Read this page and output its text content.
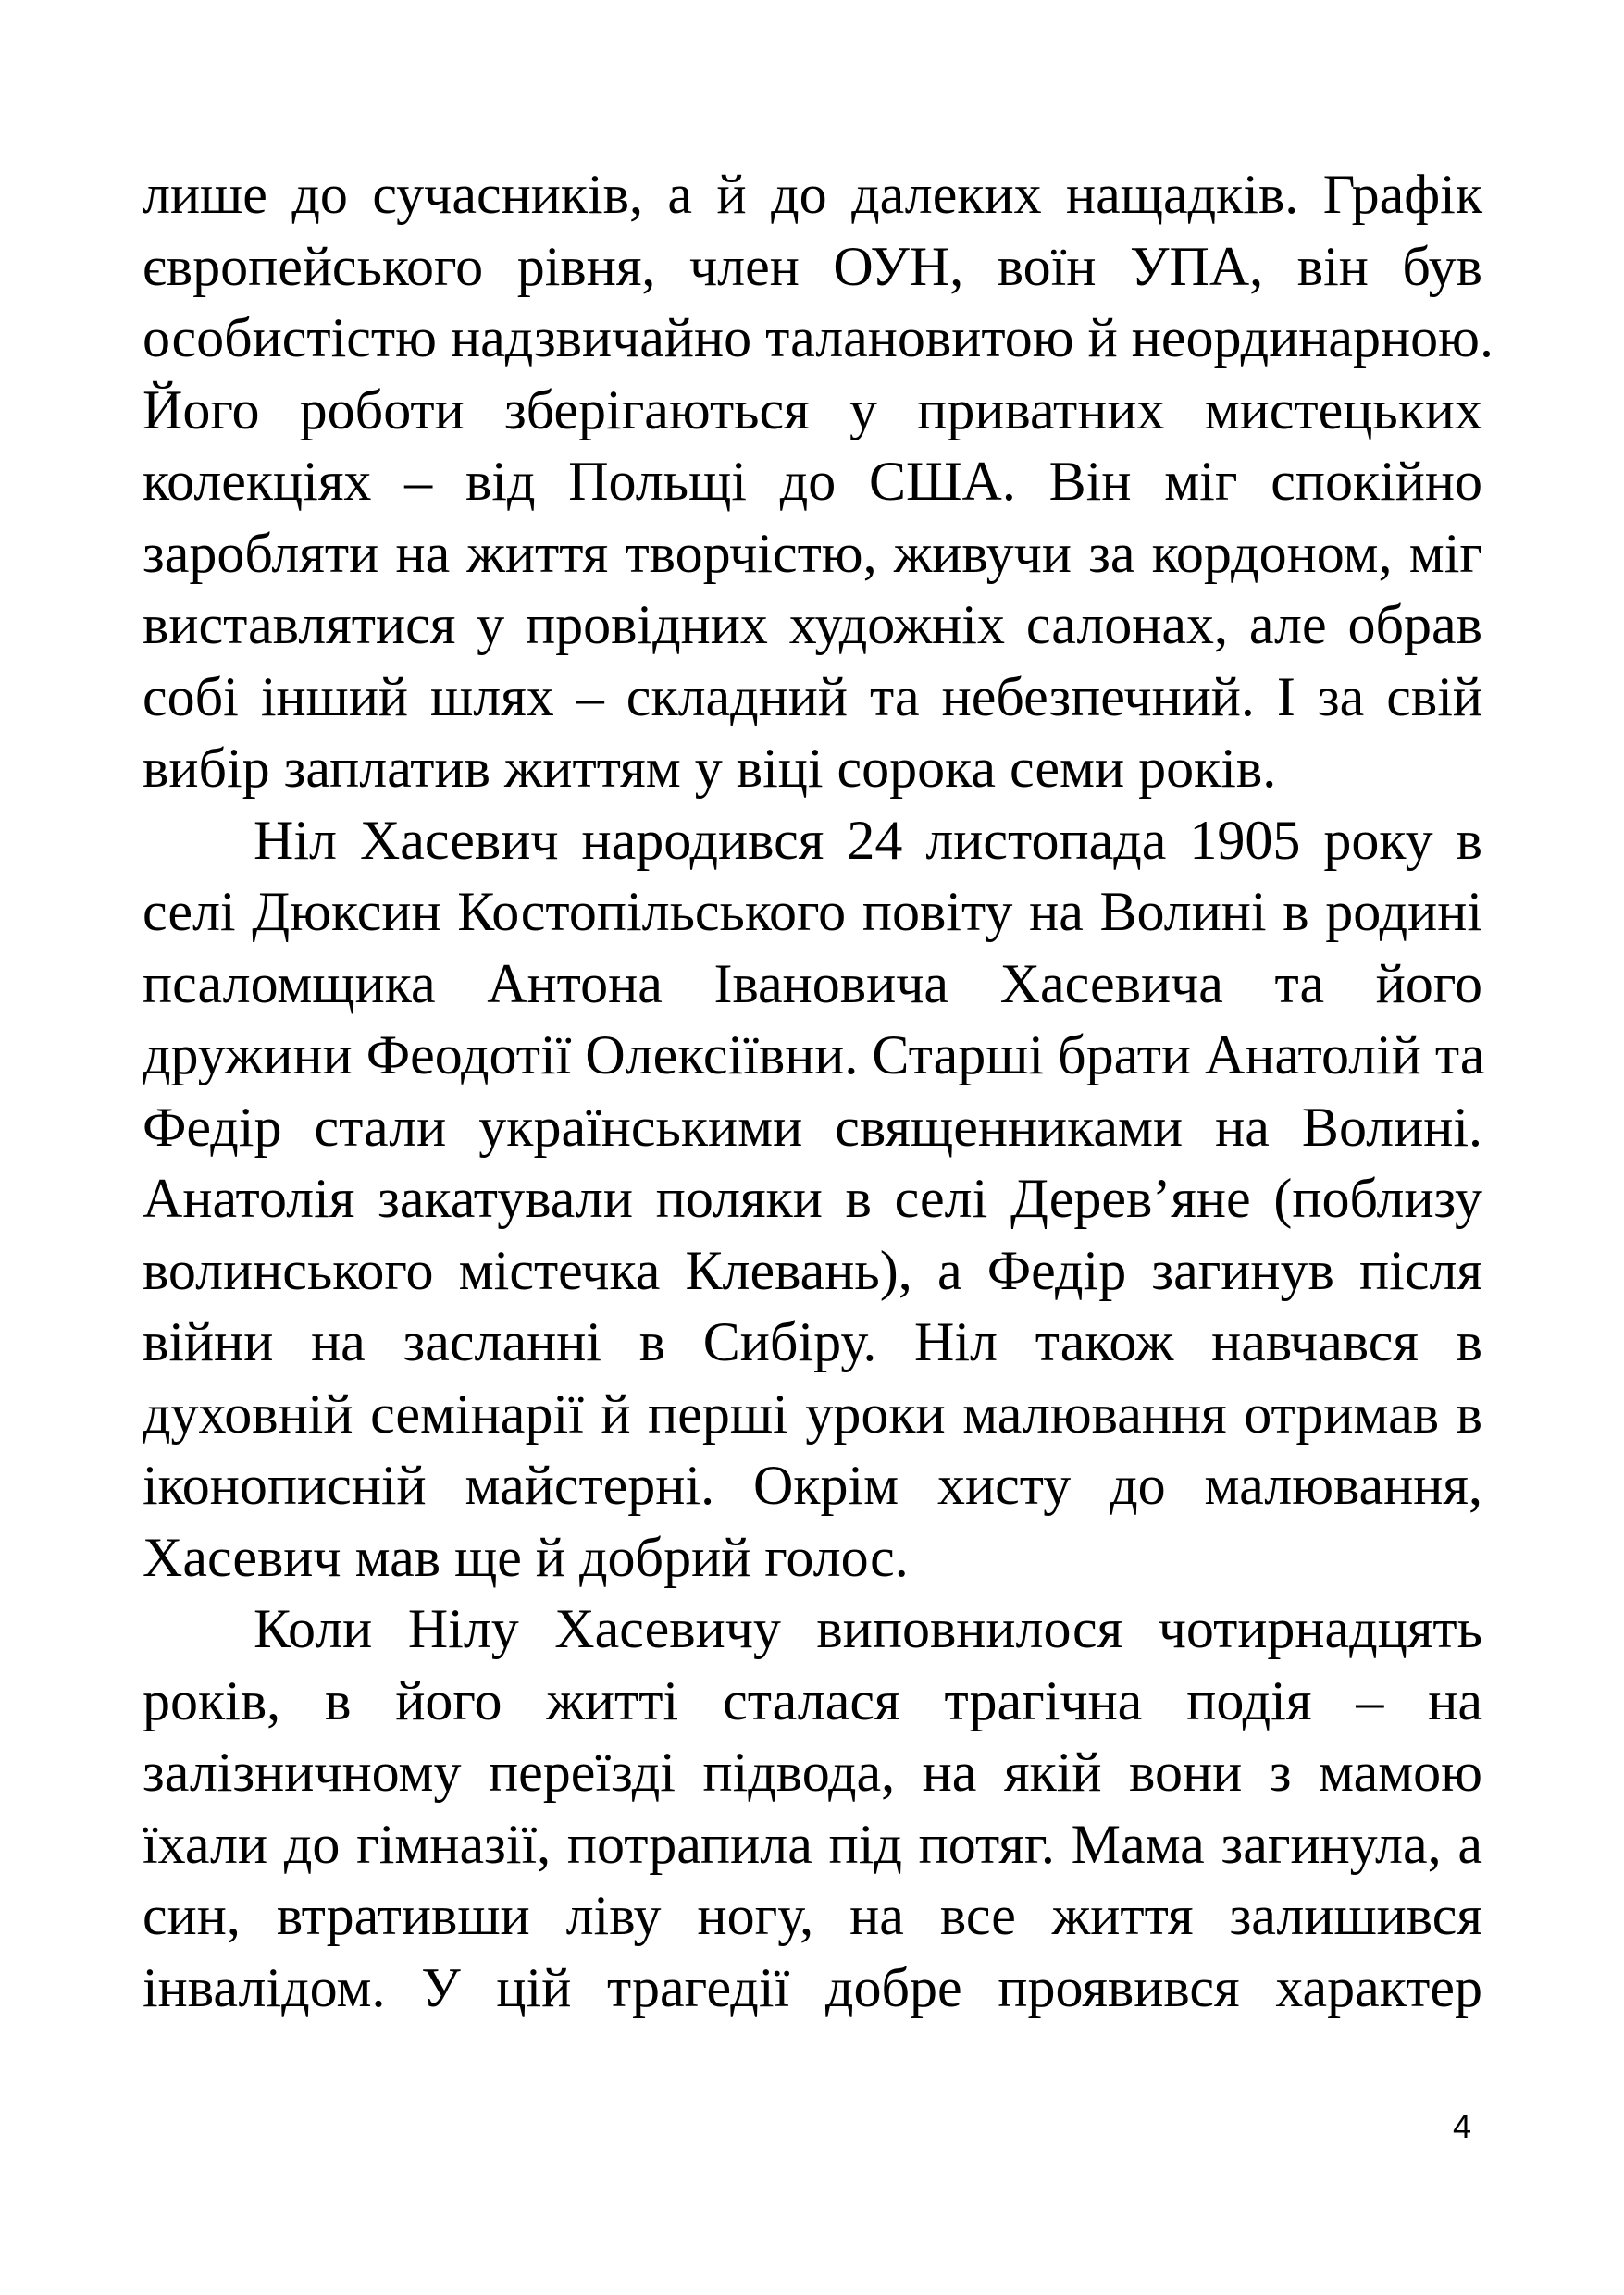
лише до сучасників, а й до далеких нащадків. Графік
європейського рівня, член ОУН, воїн УПА, він був
особистістю надзвичайно талановитою й неординарною.
Його роботи зберігаються у приватних мистецьких
колекціях – від Польщі до США. Він міг спокійно
заробляти на життя творчістю, живучи за кордоном, міг
виставлятися у провідних художніх салонах, але обрав
собі інший шлях – складний та небезпечний. І за свій
вибір заплатив життям у віці сорока семи років.
Ніл Хасевич народився 24 листопада 1905 року в
селі Дюксин Костопільського повіту на Волині в родині
псаломщика Антона Івановича Хасевича та його
дружини Феодотії Олексіївни. Старші брати Анатолій та
Федір стали українськими священниками на Волині.
Анатолія закатували поляки в селі Дерев’яне (поблизу
волинського містечка Клевань), а Федір загинув після
війни на засланні в Сибіру. Ніл також навчався в
духовній семінарії й перші уроки малювання отримав в
іконописній майстерні. Окрім хисту до малювання,
Хасевич мав ще й добрий голос.
Коли Нілу Хасевичу виповнилося чотирнадцять
років, в його житті сталася трагічна подія – на
залізничному переїзді підвода, на якій вони з мамою
їхали до гімназії, потрапила під потяг. Мама загинула, а
син, втративши ліву ногу, на все життя залишився
інвалідом. У цій трагедії добре проявився характер
4
